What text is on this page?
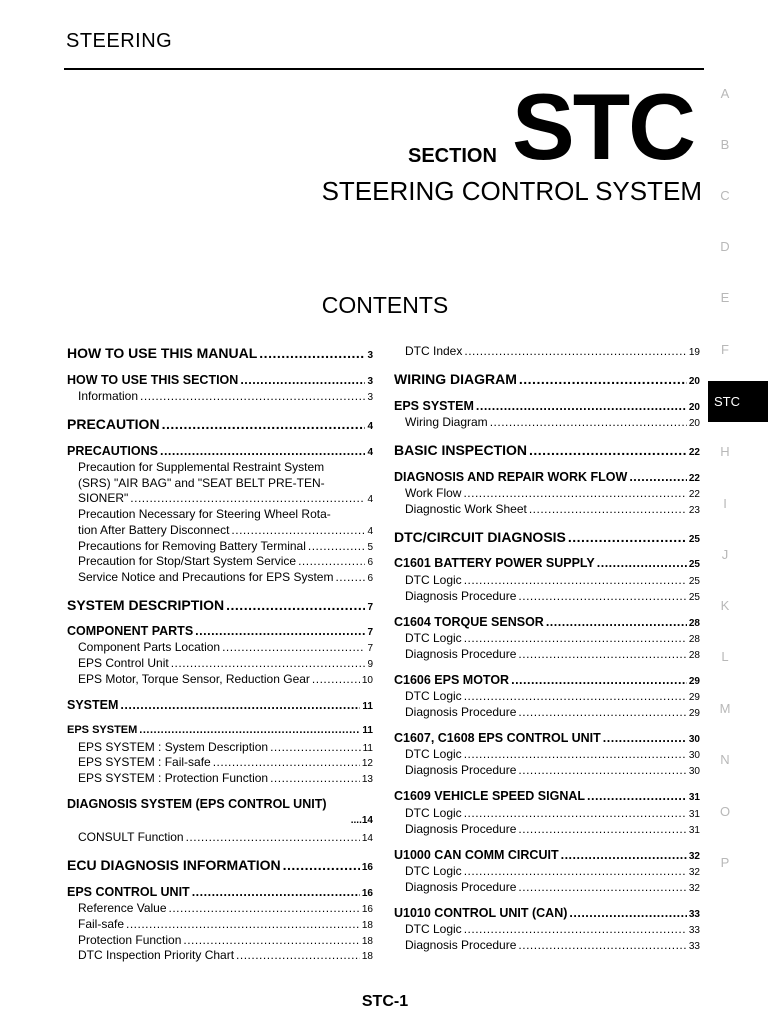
STEERING
SECTION STC
STEERING CONTROL SYSTEM
CONTENTS
HOW TO USE THIS MANUAL .....	3
HOW TO USE THIS SECTION .....	3
Information .....	3
PRECAUTION .....	4
PRECAUTIONS .....	4
Precaution for Supplemental Restraint System
(SRS) "AIR BAG" and "SEAT BELT PRE-TEN-
SIONER" .....	4
Precaution Necessary for Steering Wheel Rota-
tion After Battery Disconnect .....	4
Precautions for Removing Battery Terminal .....	5
Precaution for Stop/Start System Service .....	6
Service Notice and Precautions for EPS System .....	6
SYSTEM DESCRIPTION .....	7
COMPONENT PARTS .....	7
Component Parts Location .....	7
EPS Control Unit .....	9
EPS Motor, Torque Sensor, Reduction Gear .....	10
SYSTEM .....	11
EPS SYSTEM .....	11
EPS SYSTEM : System Description .....	11
EPS SYSTEM : Fail-safe .....	12
EPS SYSTEM : Protection Function .....	13
DIAGNOSIS SYSTEM (EPS CONTROL UNIT)
....14
CONSULT Function .....	14
ECU DIAGNOSIS INFORMATION .....	16
EPS CONTROL UNIT .....	16
Reference Value .....	16
Fail-safe .....	18
Protection Function .....	18
DTC Inspection Priority Chart .....	18
DTC Index .....	19
WIRING DIAGRAM .....	20
EPS SYSTEM .....	20
Wiring Diagram .....	20
BASIC INSPECTION .....	22
DIAGNOSIS AND REPAIR WORK FLOW .....	22
Work Flow .....	22
Diagnostic Work Sheet .....	23
DTC/CIRCUIT DIAGNOSIS .....	25
C1601 BATTERY POWER SUPPLY .....	25
DTC Logic .....	25
Diagnosis Procedure .....	25
C1604 TORQUE SENSOR .....	28
DTC Logic .....	28
Diagnosis Procedure .....	28
C1606 EPS MOTOR .....	29
DTC Logic .....	29
Diagnosis Procedure .....	29
C1607, C1608 EPS CONTROL UNIT .....	30
DTC Logic .....	30
Diagnosis Procedure .....	30
C1609 VEHICLE SPEED SIGNAL .....	31
DTC Logic .....	31
Diagnosis Procedure .....	31
U1000 CAN COMM CIRCUIT .....	32
DTC Logic .....	32
Diagnosis Procedure .....	32
U1010 CONTROL UNIT (CAN) .....	33
DTC Logic .....	33
Diagnosis Procedure .....	33
A
B
C
D
E
F
H
I
J
K
L
M
N
O
P
STC
STC-1
